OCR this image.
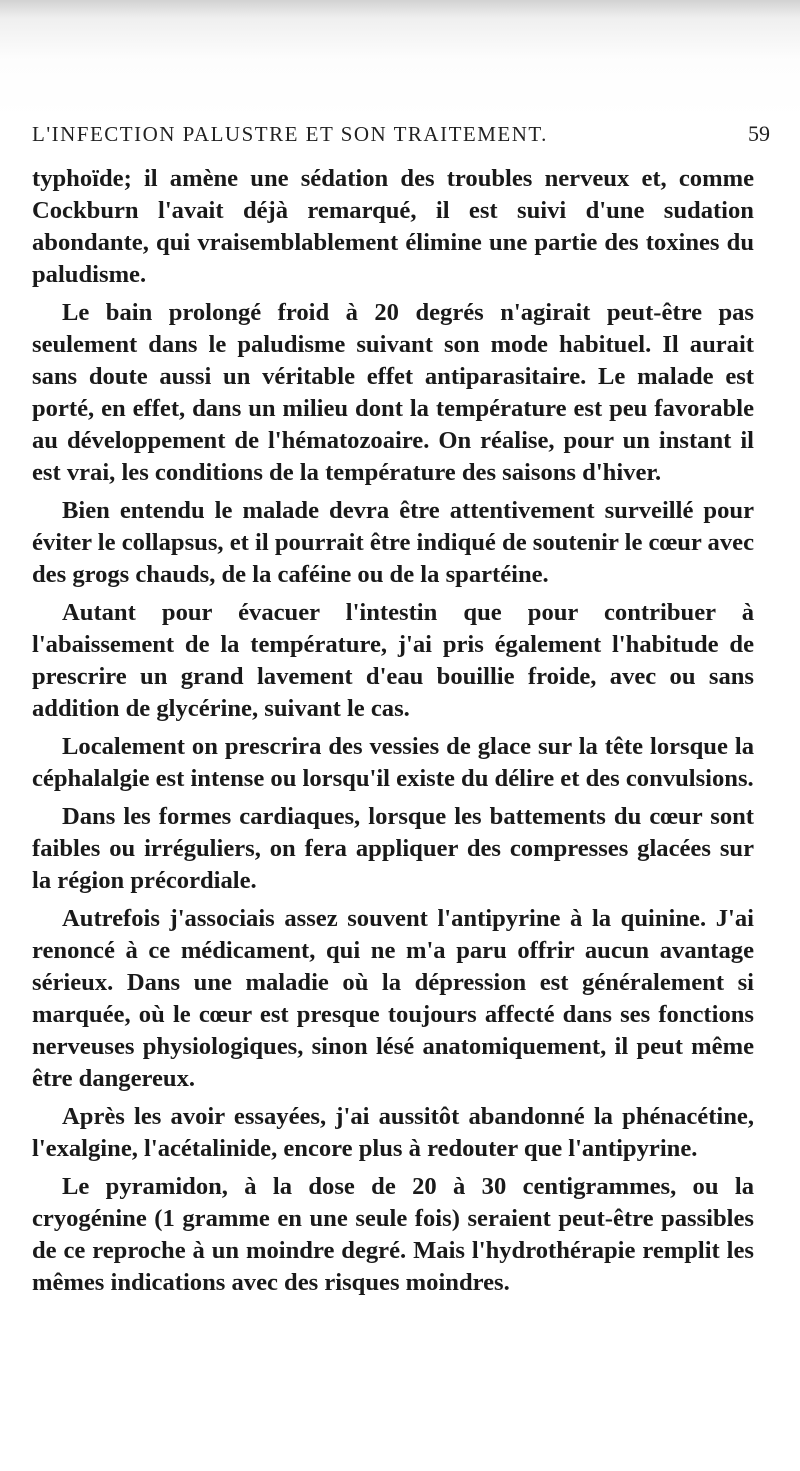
L'INFECTION PALUSTRE ET SON TRAITEMENT.	59

typhoïde; il amène une sédation des troubles nerveux et, comme Cockburn l'avait déjà remarqué, il est suivi d'une sudation abondante, qui vraisemblablement élimine une partie des toxines du paludisme.

Le bain prolongé froid à 20 degrés n'agirait peut-être pas seulement dans le paludisme suivant son mode habituel. Il aurait sans doute aussi un véritable effet antiparasitaire. Le malade est porté, en effet, dans un milieu dont la température est peu favorable au développement de l'hématozoaire. On réalise, pour un instant il est vrai, les conditions de la température des saisons d'hiver.

Bien entendu le malade devra être attentivement surveillé pour éviter le collapsus, et il pourrait être indiqué de soutenir le cœur avec des grogs chauds, de la caféine ou de la spartéine.

Autant pour évacuer l'intestin que pour contribuer à l'abaissement de la température, j'ai pris également l'habitude de prescrire un grand lavement d'eau bouillie froide, avec ou sans addition de glycérine, suivant le cas.

Localement on prescrira des vessies de glace sur la tête lorsque la céphalalgie est intense ou lorsqu'il existe du délire et des convulsions.

Dans les formes cardiaques, lorsque les battements du cœur sont faibles ou irréguliers, on fera appliquer des compresses glacées sur la région précordiale.

Autrefois j'associais assez souvent l'antipyrine à la quinine. J'ai renoncé à ce médicament, qui ne m'a paru offrir aucun avantage sérieux. Dans une maladie où la dépression est généralement si marquée, où le cœur est presque toujours affecté dans ses fonctions nerveuses physiologiques, sinon lésé anatomiquement, il peut même être dangereux.

Après les avoir essayées, j'ai aussitôt abandonné la phénacétine, l'exalgine, l'acétalinide, encore plus à redouter que l'antipyrine.

Le pyramidon, à la dose de 20 à 30 centigrammes, ou la cryogénine (1 gramme en une seule fois) seraient peut-être passibles de ce reproche à un moindre degré. Mais l'hydrothérapie remplit les mêmes indications avec des risques moindres.
